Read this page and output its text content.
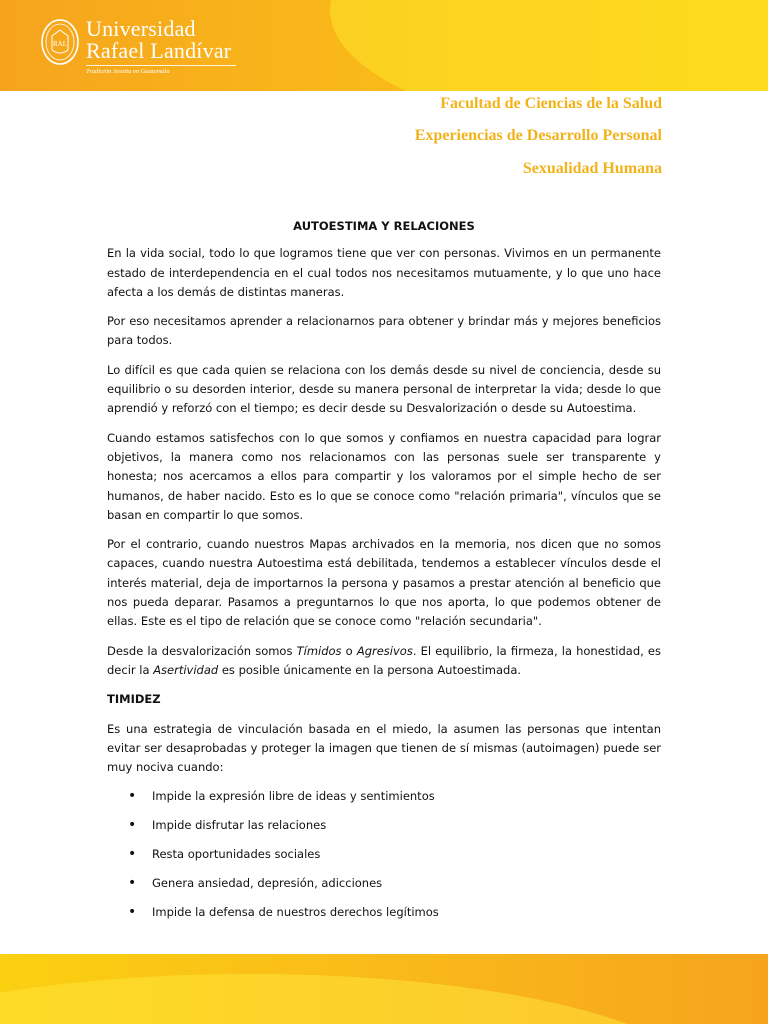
RAL
Universidad
Rafael Landívar
Tradición Jesuita en Guatemala
Facultad de Ciencias de la Salud
Experiencias de Desarrollo Personal
Sexualidad Humana

AUTOESTIMA Y RELACIONES

En la vida social, todo lo que logramos tiene que ver con personas. Vivimos en un permanente estado de interdependencia en el cual todos nos necesitamos mutuamente, y lo que uno hace afecta a los demás de distintas maneras.

Por eso necesitamos aprender a relacionarnos para obtener y brindar más y mejores beneficios para todos.

Lo difícil es que cada quien se relaciona con los demás desde su nivel de conciencia, desde su equilibrio o su desorden interior, desde su manera personal de interpretar la vida; desde lo que aprendió y reforzó con el tiempo; es decir desde su Desvalorización o desde su Autoestima.

Cuando estamos satisfechos con lo que somos y confiamos en nuestra capacidad para lograr objetivos, la manera como nos relacionamos con las personas suele ser transparente y honesta; nos acercamos a ellos para compartir y los valoramos por el simple hecho de ser humanos, de haber nacido. Esto es lo que se conoce como "relación primaria", vínculos que se basan en compartir lo que somos.

Por el contrario, cuando nuestros Mapas archivados en la memoria, nos dicen que no somos capaces, cuando nuestra Autoestima está debilitada, tendemos a establecer vínculos desde el interés material, deja de importarnos la persona y pasamos a prestar atención al beneficio que nos pueda deparar. Pasamos a preguntarnos lo que nos aporta, lo que podemos obtener de ellas. Este es el tipo de relación que se conoce como "relación secundaria".

Desde la desvalorización somos Tímidos o Agresivos. El equilibrio, la firmeza, la honestidad, es decir la Asertividad es posible únicamente en la persona Autoestimada.

TIMIDEZ

Es una estrategia de vinculación basada en el miedo, la asumen las personas que intentan evitar ser desaprobadas y proteger la imagen que tienen de sí mismas (autoimagen) puede ser muy nociva cuando:

• Impide la expresión libre de ideas y sentimientos
• Impide disfrutar las relaciones
• Resta oportunidades sociales
• Genera ansiedad, depresión, adicciones
• Impide la defensa de nuestros derechos legítimos
